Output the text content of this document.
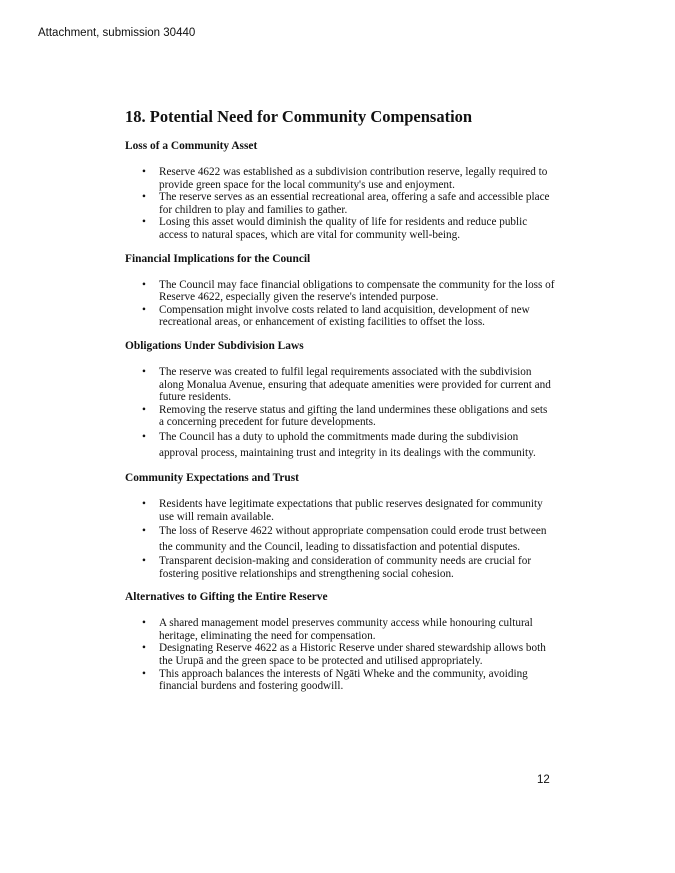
Attachment, submission 30440
18. Potential Need for Community Compensation
Loss of a Community Asset
• Reserve 4622 was established as a subdivision contribution reserve, legally required to provide green space for the local community's use and enjoyment.
• The reserve serves as an essential recreational area, offering a safe and accessible place for children to play and families to gather.
• Losing this asset would diminish the quality of life for residents and reduce public access to natural spaces, which are vital for community well-being.
Financial Implications for the Council
• The Council may face financial obligations to compensate the community for the loss of Reserve 4622, especially given the reserve's intended purpose.
• Compensation might involve costs related to land acquisition, development of new recreational areas, or enhancement of existing facilities to offset the loss.
Obligations Under Subdivision Laws
• The reserve was created to fulfil legal requirements associated with the subdivision along Monalua Avenue, ensuring that adequate amenities were provided for current and future residents.
• Removing the reserve status and gifting the land undermines these obligations and sets a concerning precedent for future developments.
• The Council has a duty to uphold the commitments made during the subdivision approval process, maintaining trust and integrity in its dealings with the community.
Community Expectations and Trust
• Residents have legitimate expectations that public reserves designated for community use will remain available.
• The loss of Reserve 4622 without appropriate compensation could erode trust between the community and the Council, leading to dissatisfaction and potential disputes.
• Transparent decision-making and consideration of community needs are crucial for fostering positive relationships and strengthening social cohesion.
Alternatives to Gifting the Entire Reserve
• A shared management model preserves community access while honouring cultural heritage, eliminating the need for compensation.
• Designating Reserve 4622 as a Historic Reserve under shared stewardship allows both the Urupā and the green space to be protected and utilised appropriately.
• This approach balances the interests of Ngāti Wheke and the community, avoiding financial burdens and fostering goodwill.
12
